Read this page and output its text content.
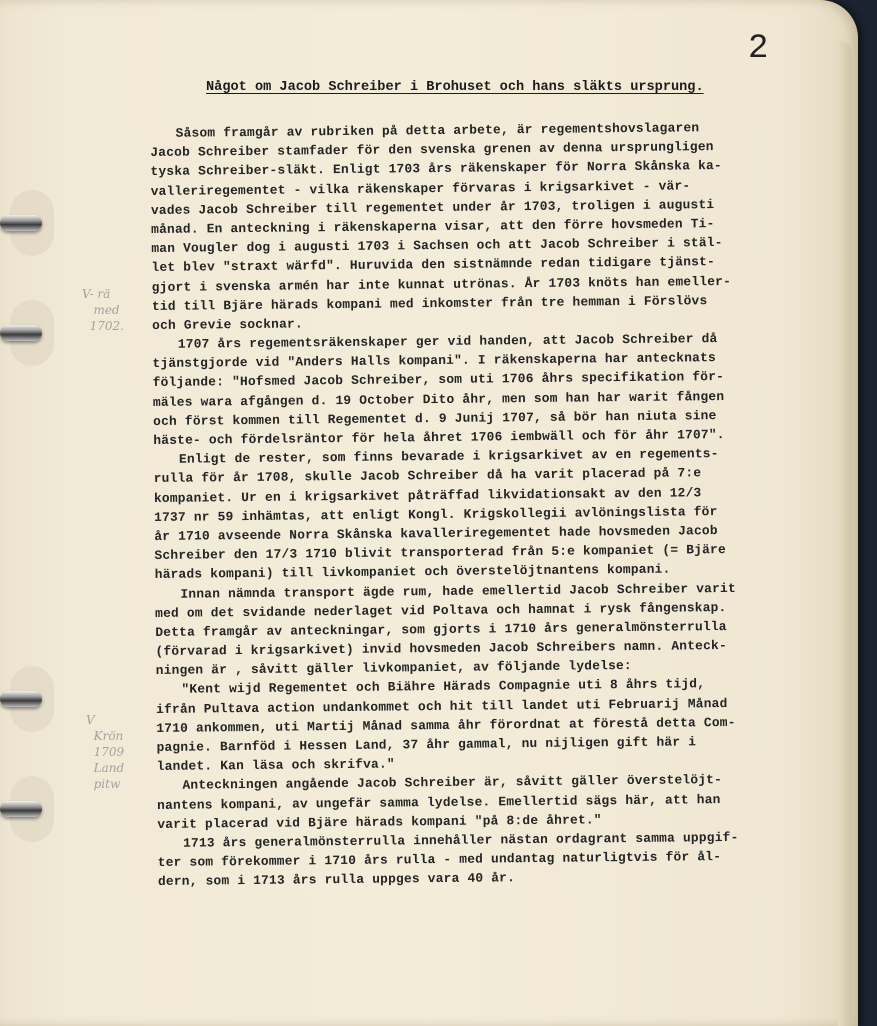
2
Något om Jacob Schreiber i Brohuset och hans släkts ursprung.
Såsom framgår av rubriken på detta arbete, är regementshovslagaren
Jacob Schreiber stamfader för den svenska grenen av denna ursprungligen
tyska Schreiber-släkt. Enligt 1703 års räkenskaper för Norra Skånska ka-
valleriregementet - vilka räkenskaper förvaras i krigsarkivet - vär-
vades Jacob Schreiber till regementet under år 1703, troligen i augusti
månad. En anteckning i räkenskaperna visar, att den förre hovsmeden Ti-
man Vougler dog i augusti 1703 i Sachsen och att Jacob Schreiber i stäl-
let blev "straxt wärfd". Huruvida den sistnämnde redan tidigare tjänst-
gjort i svenska armén har inte kunnat utrönas. År 1703 knöts han emeller-
tid till Bjäre härads kompani med inkomster från tre hemman i Förslövs
och Grevie socknar.
1707 års regementsräkenskaper ger vid handen, att Jacob Schreiber då
tjänstgjorde vid "Anders Halls kompani". I räkenskaperna har antecknats
följande: "Hofsmed Jacob Schreiber, som uti 1706 åhrs specifikation för-
mäles wara afgången d. 19 October Dito åhr, men som han har warit fången
och först kommen till Regementet d. 9 Junij 1707, så bör han niuta sine
häste- och fördelsräntor för hela åhret 1706 iembwäll och för åhr 1707".
Enligt de rester, som finns bevarade i krigsarkivet av en regements-
rulla för år 1708, skulle Jacob Schreiber då ha varit placerad på 7:e
kompaniet. Ur en i krigsarkivet påträffad likvidationsakt av den 12/3
1737 nr 59 inhämtas, att enligt Kongl. Krigskollegii avlöningslista för
år 1710 avseende Norra Skånska kavalleriregementet hade hovsmeden Jacob
Schreiber den 17/3 1710 blivit transporterad från 5:e kompaniet (= Bjäre
härads kompani) till livkompaniet och överstelöjtnantens kompani.
Innan nämnda transport ägde rum, hade emellertid Jacob Schreiber varit
med om det svidande nederlaget vid Poltava och hamnat i rysk fångenskap.
Detta framgår av anteckningar, som gjorts i 1710 års generalmönsterrulla
(förvarad i krigsarkivet) invid hovsmeden Jacob Schreibers namn. Anteck-
ningen är , såvitt gäller livkompaniet, av följande lydelse:
"Kent wijd Regementet och Biähre Härads Compagnie uti 8 åhrs tijd,
ifrån Pultava action undankommet och hit till landet uti Februarij Månad
1710 ankommen, uti Martij Månad samma åhr förordnat at förestå detta Com-
pagnie. Barnföd i Hessen Land, 37 åhr gammal, nu nijligen gift här i
landet. Kan läsa och skrifva."
Anteckningen angående Jacob Schreiber är, såvitt gäller överstelöjt-
nantens kompani, av ungefär samma lydelse. Emellertid sägs här, att han
varit placerad vid Bjäre härads kompani "på 8:de åhret."
1713 års generalmönsterrulla innehåller nästan ordagrant samma uppgif-
ter som förekommer i 1710 års rulla - med undantag naturligtvis för ål-
dern, som i 1713 års rulla uppges vara 40 år.
V- rä
med
1702.
V
Krön
1709
Land
pitw
